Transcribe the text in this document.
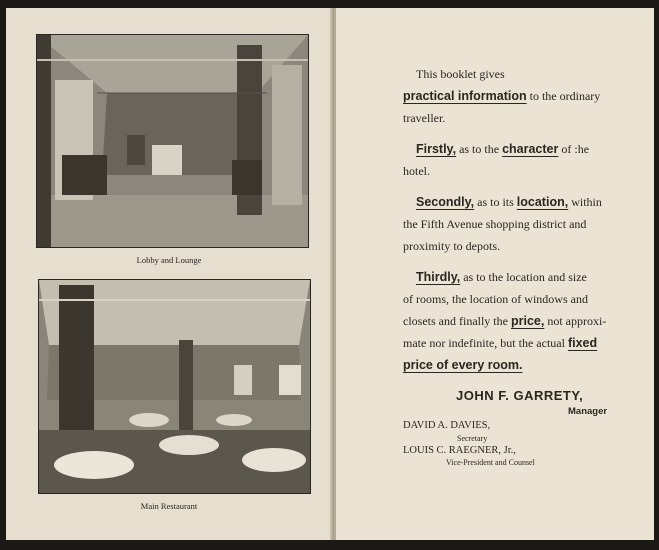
Lobby and Lounge
Main Restaurant
This booklet gives
practical information to the ordinary
traveller.
Firstly, as to the character of :he
hotel.
Secondly, as to its location, within
the Fifth Avenue shopping district and
proximity to depots.
Thirdly, as to the location and size
of rooms, the location of windows and
closets and finally the price, not approxi-
mate nor indefinite, but the actual fixed
price of every room.
JOHN F. GARRETY,
Manager
DAVID A. DAVIES,
Secretary
LOUIS C. RAEGNER, Jr.,
Vice-President and Counsel
